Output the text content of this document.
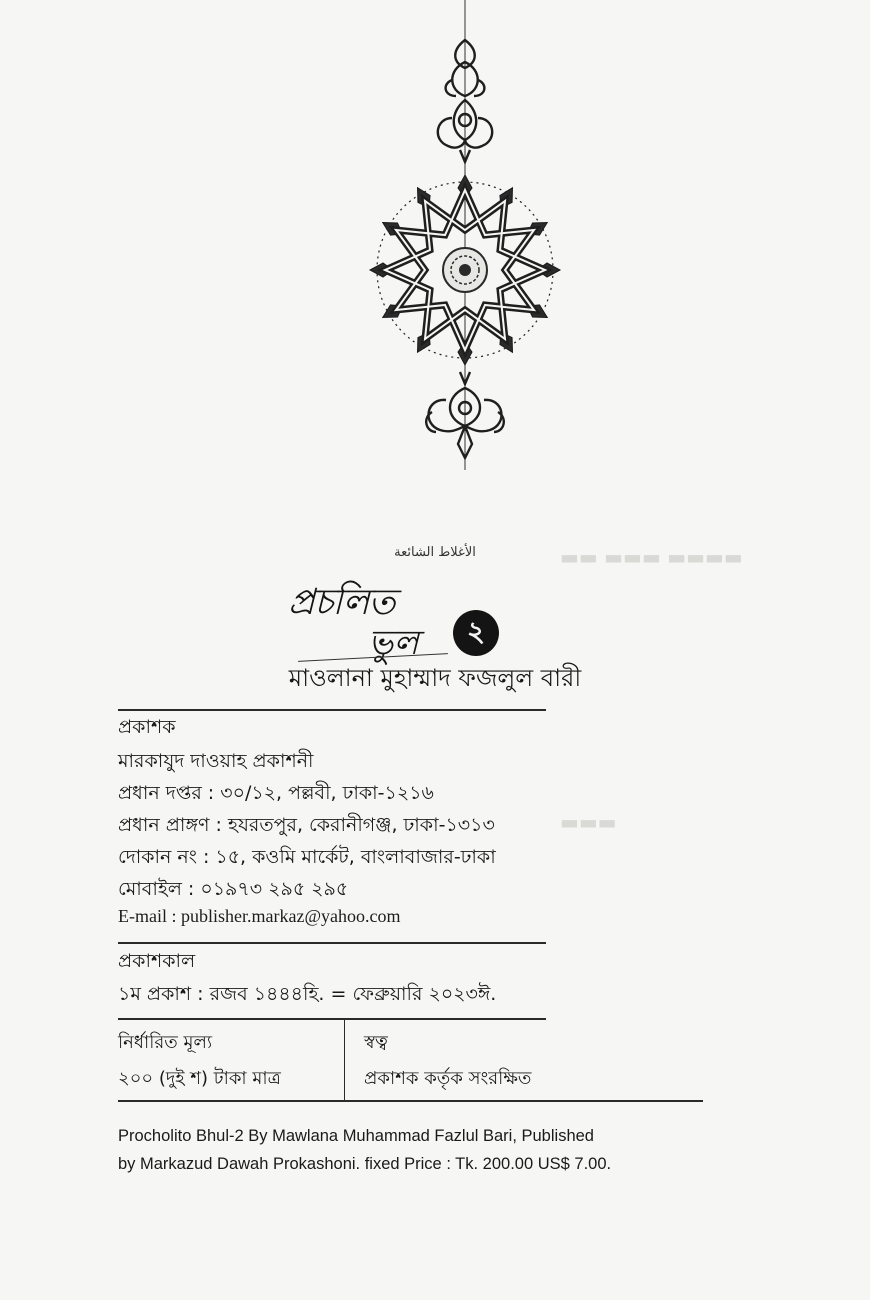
▬▬ ▬▬▬ ▬▬▬▬
▬▬▬
الأغلاط الشائعة
প্রচলিত
ভুল	২
মাওলানা মুহাম্মাদ ফজলুল বারী
প্রকাশক
মারকাযুদ দাওয়াহ প্রকাশনী
প্রধান দপ্তর : ৩০/১২, পল্লবী, ঢাকা-১২১৬
প্রধান প্রাঙ্গণ : হযরতপুর, কেরানীগঞ্জ, ঢাকা-১৩১৩
দোকান নং : ১৫, কওমি মার্কেট, বাংলাবাজার-ঢাকা
মোবাইল : ০১৯৭৩ ২৯৫ ২৯৫
E-mail : publisher.markaz@yahoo.com
প্রকাশকাল
১ম প্রকাশ : রজব ১৪৪৪হি. = ফেব্রুয়ারি ২০২৩ঈ.
নির্ধারিত মূল্য
২০০ (দুই শ) টাকা মাত্র
স্বত্ব
প্রকাশক কর্তৃক সংরক্ষিত
Procholito Bhul-2 By Mawlana Muhammad Fazlul Bari, Published
by Markazud Dawah Prokashoni. fixed Price : Tk. 200.00 US$ 7.00.
